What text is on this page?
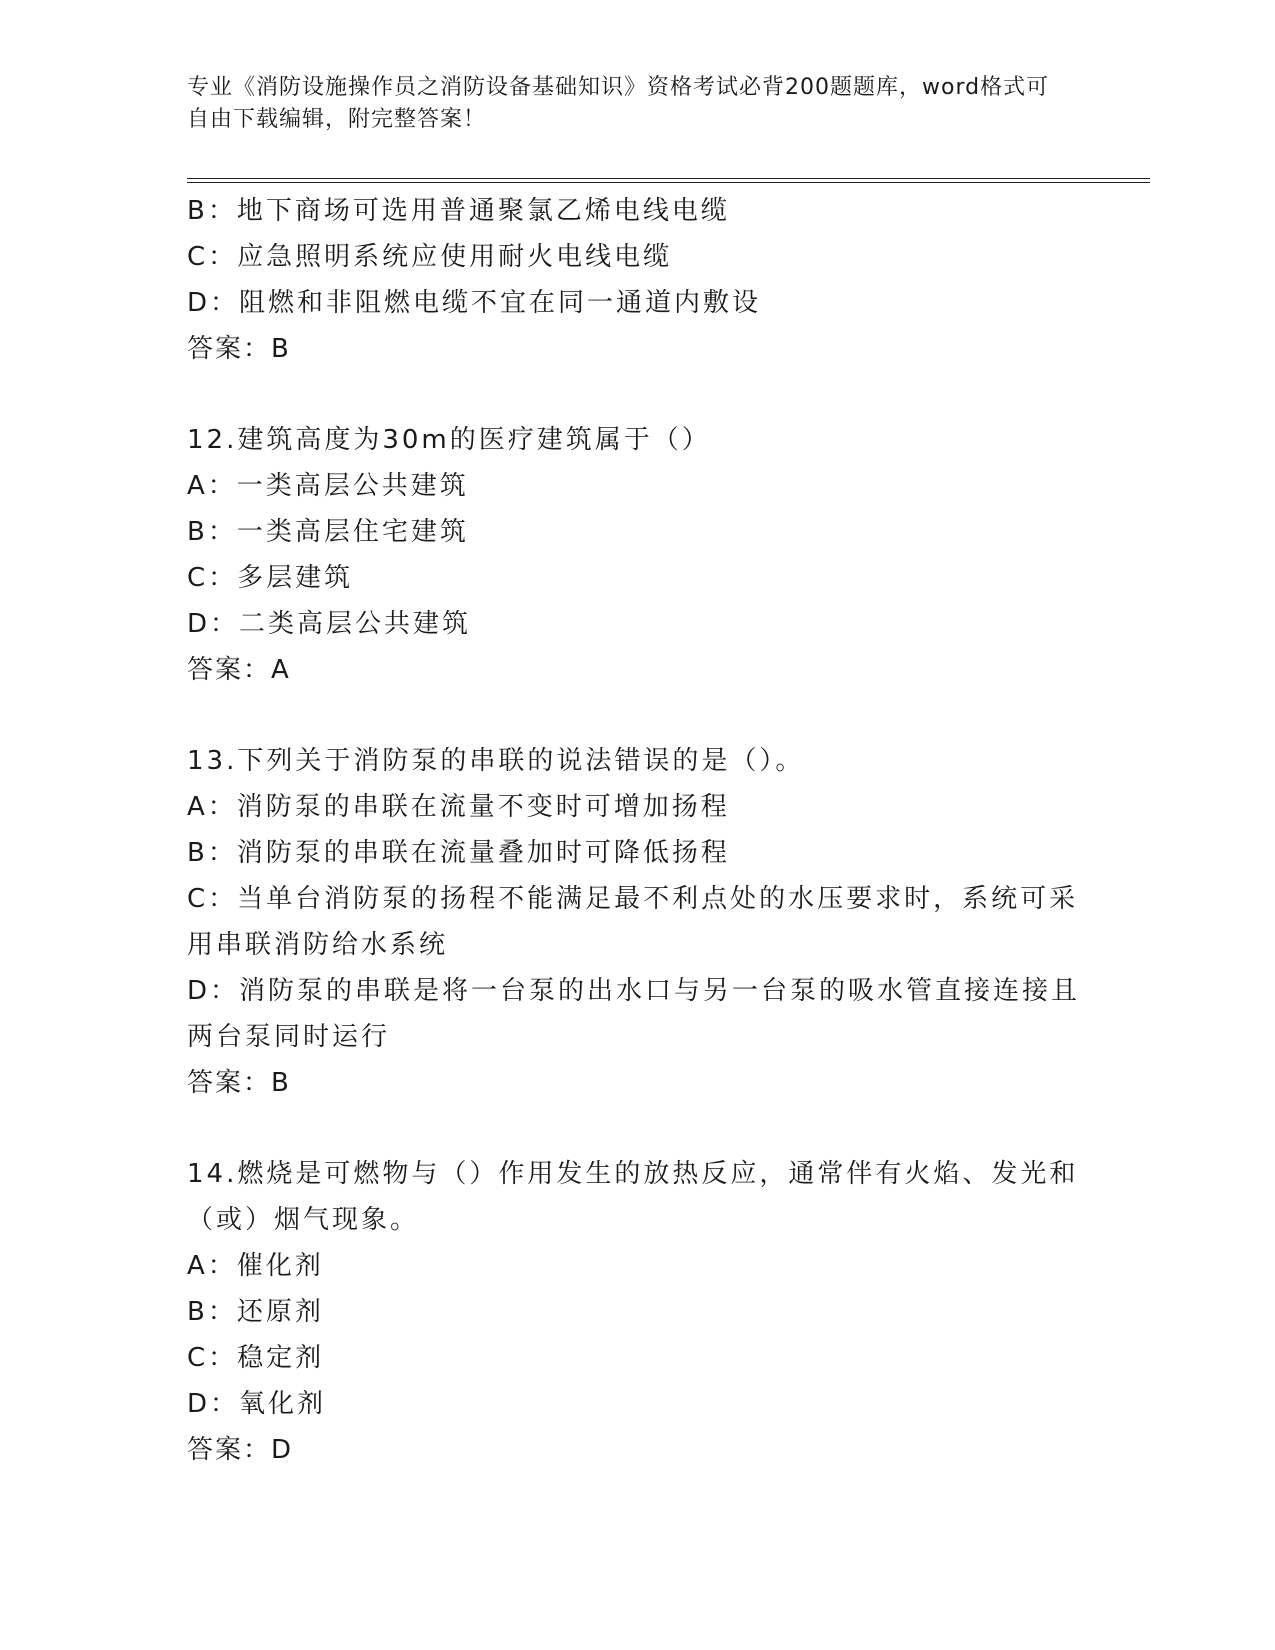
专业《消防设施操作员之消防设备基础知识》资格考试必背200题题库，word格式可自由下载编辑，附完整答案！

B：地下商场可选用普通聚氯乙烯电线电缆

C：应急照明系统应使用耐火电线电缆

D：阻燃和非阻燃电缆不宜在同一通道内敷设

答案：B

12.建筑高度为30m的医疗建筑属于（）

A：一类高层公共建筑

B：一类高层住宅建筑

C：多层建筑

D：二类高层公共建筑

答案：A

13.下列关于消防泵的串联的说法错误的是（）。

A：消防泵的串联在流量不变时可增加扬程

B：消防泵的串联在流量叠加时可降低扬程

C：当单台消防泵的扬程不能满足最不利点处的水压要求时，系统可采用串联消防给水系统

D：消防泵的串联是将一台泵的出水口与另一台泵的吸水管直接连接且两台泵同时运行

答案：B

14.燃烧是可燃物与（）作用发生的放热反应，通常伴有火焰、发光和（或）烟气现象。

A：催化剂

B：还原剂

C：稳定剂

D：氧化剂

答案：D
